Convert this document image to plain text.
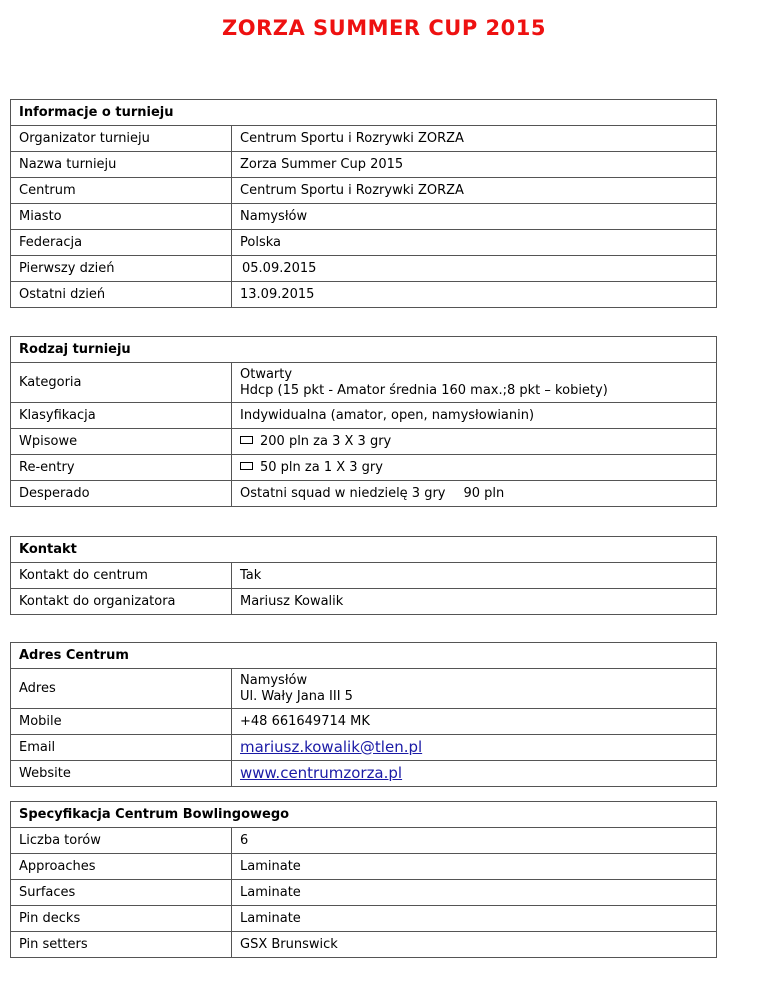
ZORZA SUMMER CUP 2015
Informacje o turnieju	
Organizator turnieju	Centrum Sportu i Rozrywki ZORZA
Nazwa turnieju	Zorza Summer Cup 2015
Centrum	Centrum Sportu i Rozrywki ZORZA
Miasto	Namysłów
Federacja	Polska
Pierwszy dzień	05.09.2015
Ostatni dzień	13.09.2015
Rodzaj turnieju	
Kategoria	Otwarty
Hdcp (15 pkt - Amator średnia 160 max.;8 pkt – kobiety)

Klasyfikacja	Indywidualna (amator, open, namysłowianin)
Wpisowe	200 pln za 3 X 3 gry
Re-entry	50 pln za 1 X 3 gry
Desperado	Ostatni squad w niedzielę 3 gry 90 pln
Kontakt	
Kontakt do centrum	Tak
Kontakt do organizatora	Mariusz Kowalik
Adres Centrum	
Adres	Namysłów
Ul. Wały Jana III 5

Mobile	+48 661649714 MK
Email	mariusz.kowalik@tlen.pl
Website	www.centrumzorza.pl
Specyfikacja Centrum Bowlingowego	
Liczba torów	6
Approaches	Laminate
Surfaces	Laminate
Pin decks	Laminate
Pin setters	GSX Brunswick
